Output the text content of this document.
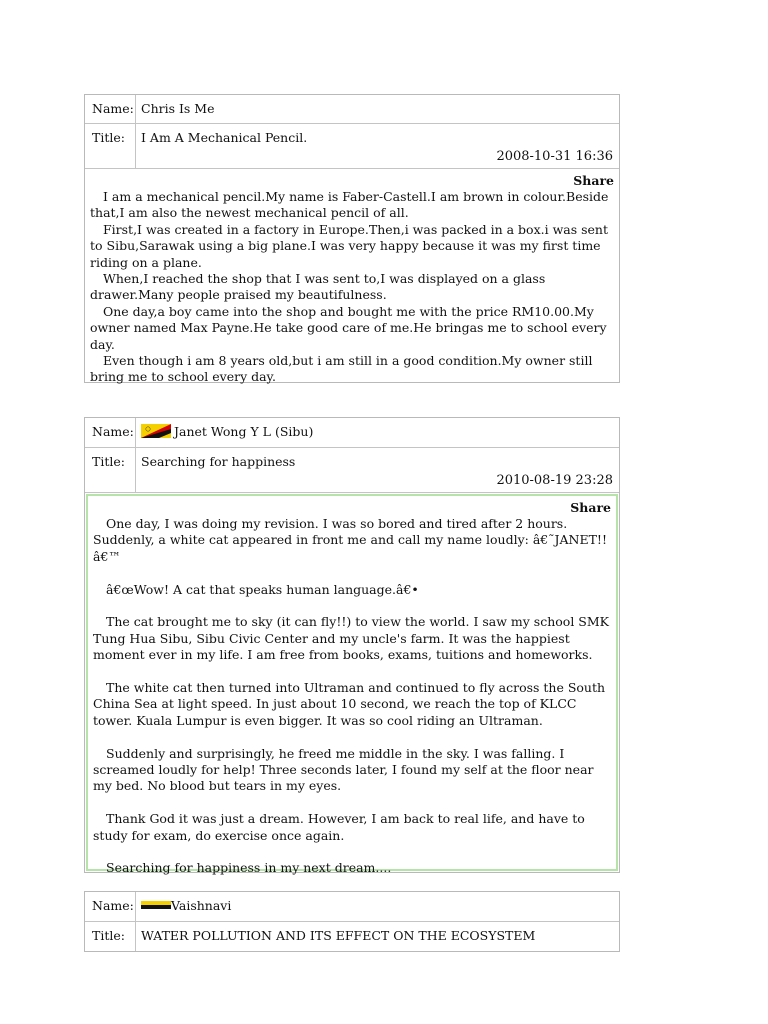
Name: Chris Is Me
Title:	I Am A Mechanical Pencil.
2008-10-31 16:36
Share

I am a mechanical pencil.My name is Faber-Castell.I am brown in colour.Beside that,I am also the newest mechanical pencil of all.

First,I was created in a factory in Europe.Then,i was packed in a box.i was sent to Sibu,Sarawak using a big plane.I was very happy because it was my first time riding on a plane.

When,I reached the shop that I was sent to,I was displayed on a glass drawer.Many people praised my beautifulness.

One day,a boy came into the shop and bought me with the price RM10.00.My owner named Max Payne.He take good care of me.He bringas me to school every day.

Even though i am 8 years old,but i am still in a good condition.My owner still bring me to school every day.

Name:	Janet Wong Y L (Sibu)
Title:	Searching for happiness
2010-08-19 23:28
Share

One day, I was doing my revision. I was so bored and tired after 2 hours. Suddenly, a white cat appeared in front me and call my name loudly: â€˜JANET!!â€™

â€œWow! A cat that speaks human language.â€•

The cat brought me to sky (it can fly!!) to view the world. I saw my school SMK Tung Hua Sibu, Sibu Civic Center and my uncle's farm. It was the happiest moment ever in my life. I am free from books, exams, tuitions and homeworks.

The white cat then turned into Ultraman and continued to fly across the South China Sea at light speed. In just about 10 second, we reach the top of KLCC tower. Kuala Lumpur is even bigger. It was so cool riding an Ultraman.

Suddenly and surprisingly, he freed me middle in the sky. I was falling. I screamed loudly for help! Three seconds later, I found my self at the floor near my bed. No blood but tears in my eyes.

Thank God it was just a dream. However, I am back to real life, and have to study for exam, do exercise once again.

Searching for happiness in my next dream....

Name:	Vaishnavi
Title:	WATER POLLUTION AND ITS EFFECT ON THE ECOSYSTEM
